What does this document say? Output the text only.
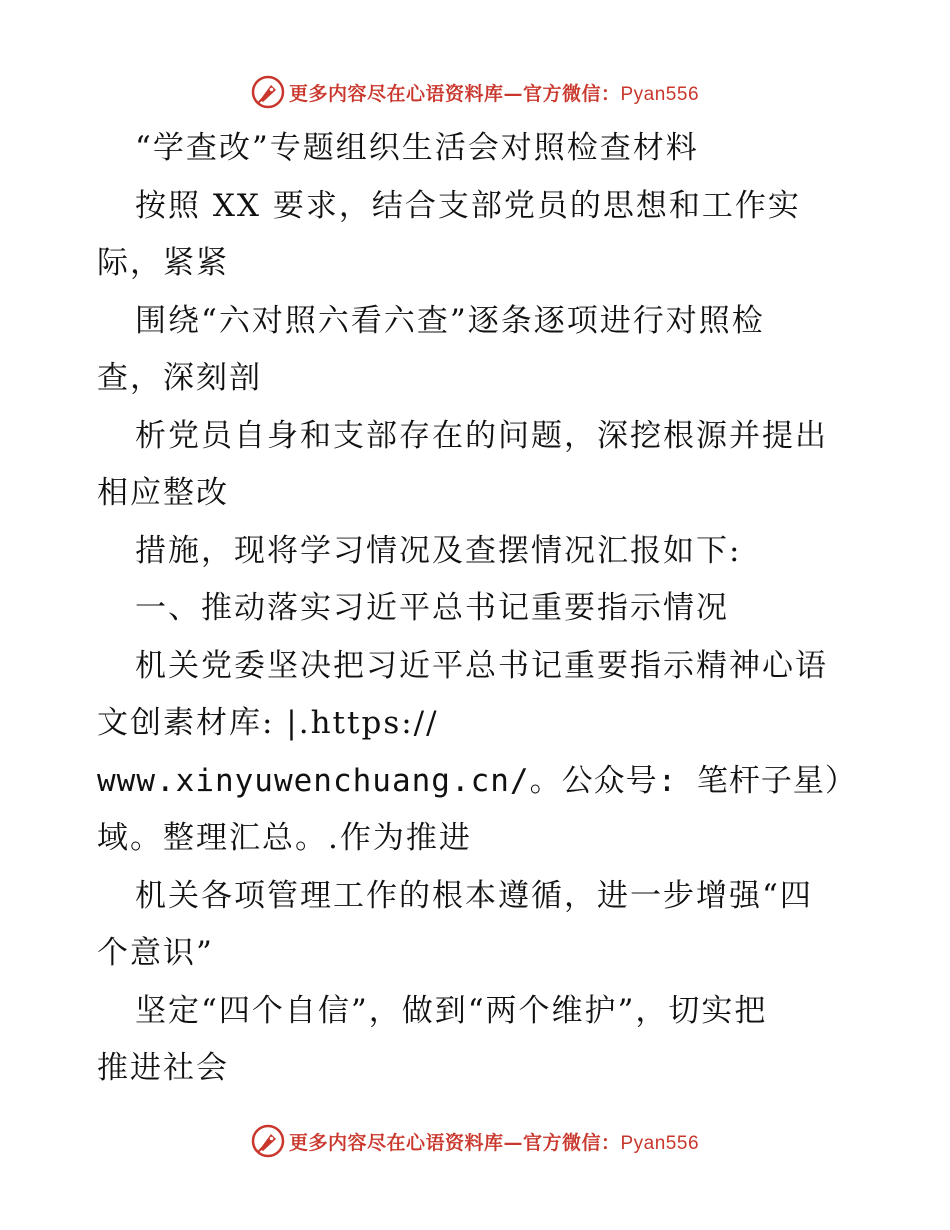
更多内容尽在心语资料库—官方微信：Pyan556
“学查改”专题组织生活会对照检查材料
按照 XX 要求，结合支部党员的思想和工作实
际，紧紧
围绕“六对照六看六查”逐条逐项进行对照检
查，深刻剖
析党员自身和支部存在的问题，深挖根源并提出
相应整改
措施，现将学习情况及查摆情况汇报如下:
一、推动落实习近平总书记重要指示情况
机关党委坚决把习近平总书记重要指示精神心语
文创素材库: |.https://
www.xinyuwenchuang.cn/。公众号: 笔杆子星）
域。整理汇总。.作为推进
机关各项管理工作的根本遵循，进一步增强“四
个意识”
坚定“四个自信”，做到“两个维护”，切实把
推进社会
更多内容尽在心语资料库—官方微信：Pyan556
